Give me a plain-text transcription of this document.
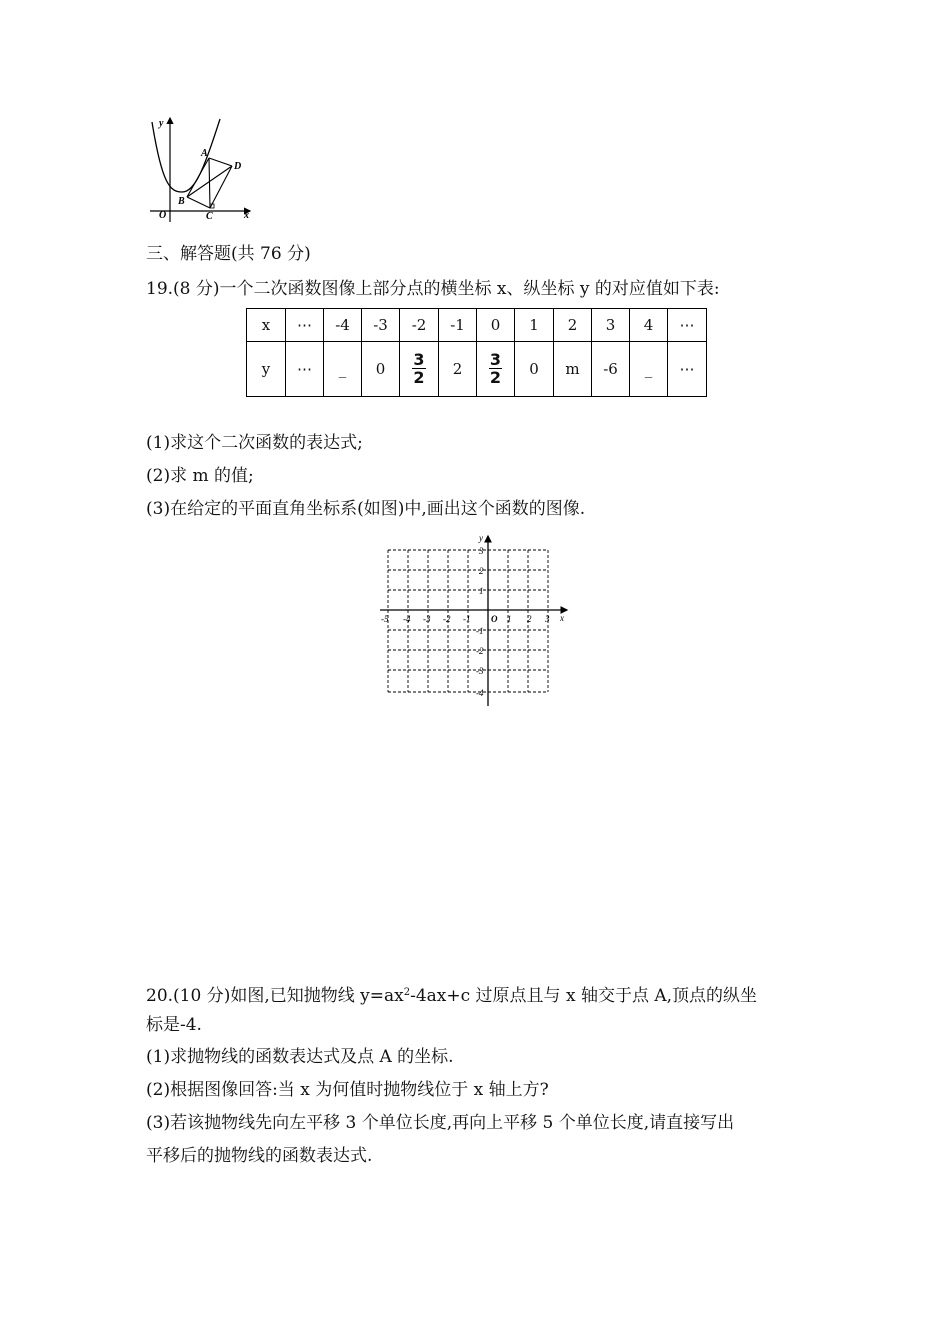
y
x
O
A
B
C
D
三、解答题(共 76 分)
19.(8 分)一个二次函数图像上部分点的横坐标 x、纵坐标 y 的对应值如下表:
x	⋯	-4	-3	-2	-1	0	1	2	3	4	⋯
y	⋯	_	0	$\frac{3}{2}$	2	$\frac{3}{2}$	0	m	-6	_	⋯
(1)求这个二次函数的表达式;
(2)求 m 的值;
(3)在给定的平面直角坐标系(如图)中,画出这个函数的图像.
y
x
O
-5 -4 -3 -2 -1	1 2 3
3
2
1
-1
-2
-3
-4
20.(10 分)如图,已知抛物线 $y=ax^2-4ax+c$ 过原点且与 x 轴交于点 A,顶点的纵坐
标是-4.
(1)求抛物线的函数表达式及点 A 的坐标.
(2)根据图像回答:当 x 为何值时抛物线位于 x 轴上方?
(3)若该抛物线先向左平移 3 个单位长度,再向上平移 5 个单位长度,请直接写出
平移后的抛物线的函数表达式.
